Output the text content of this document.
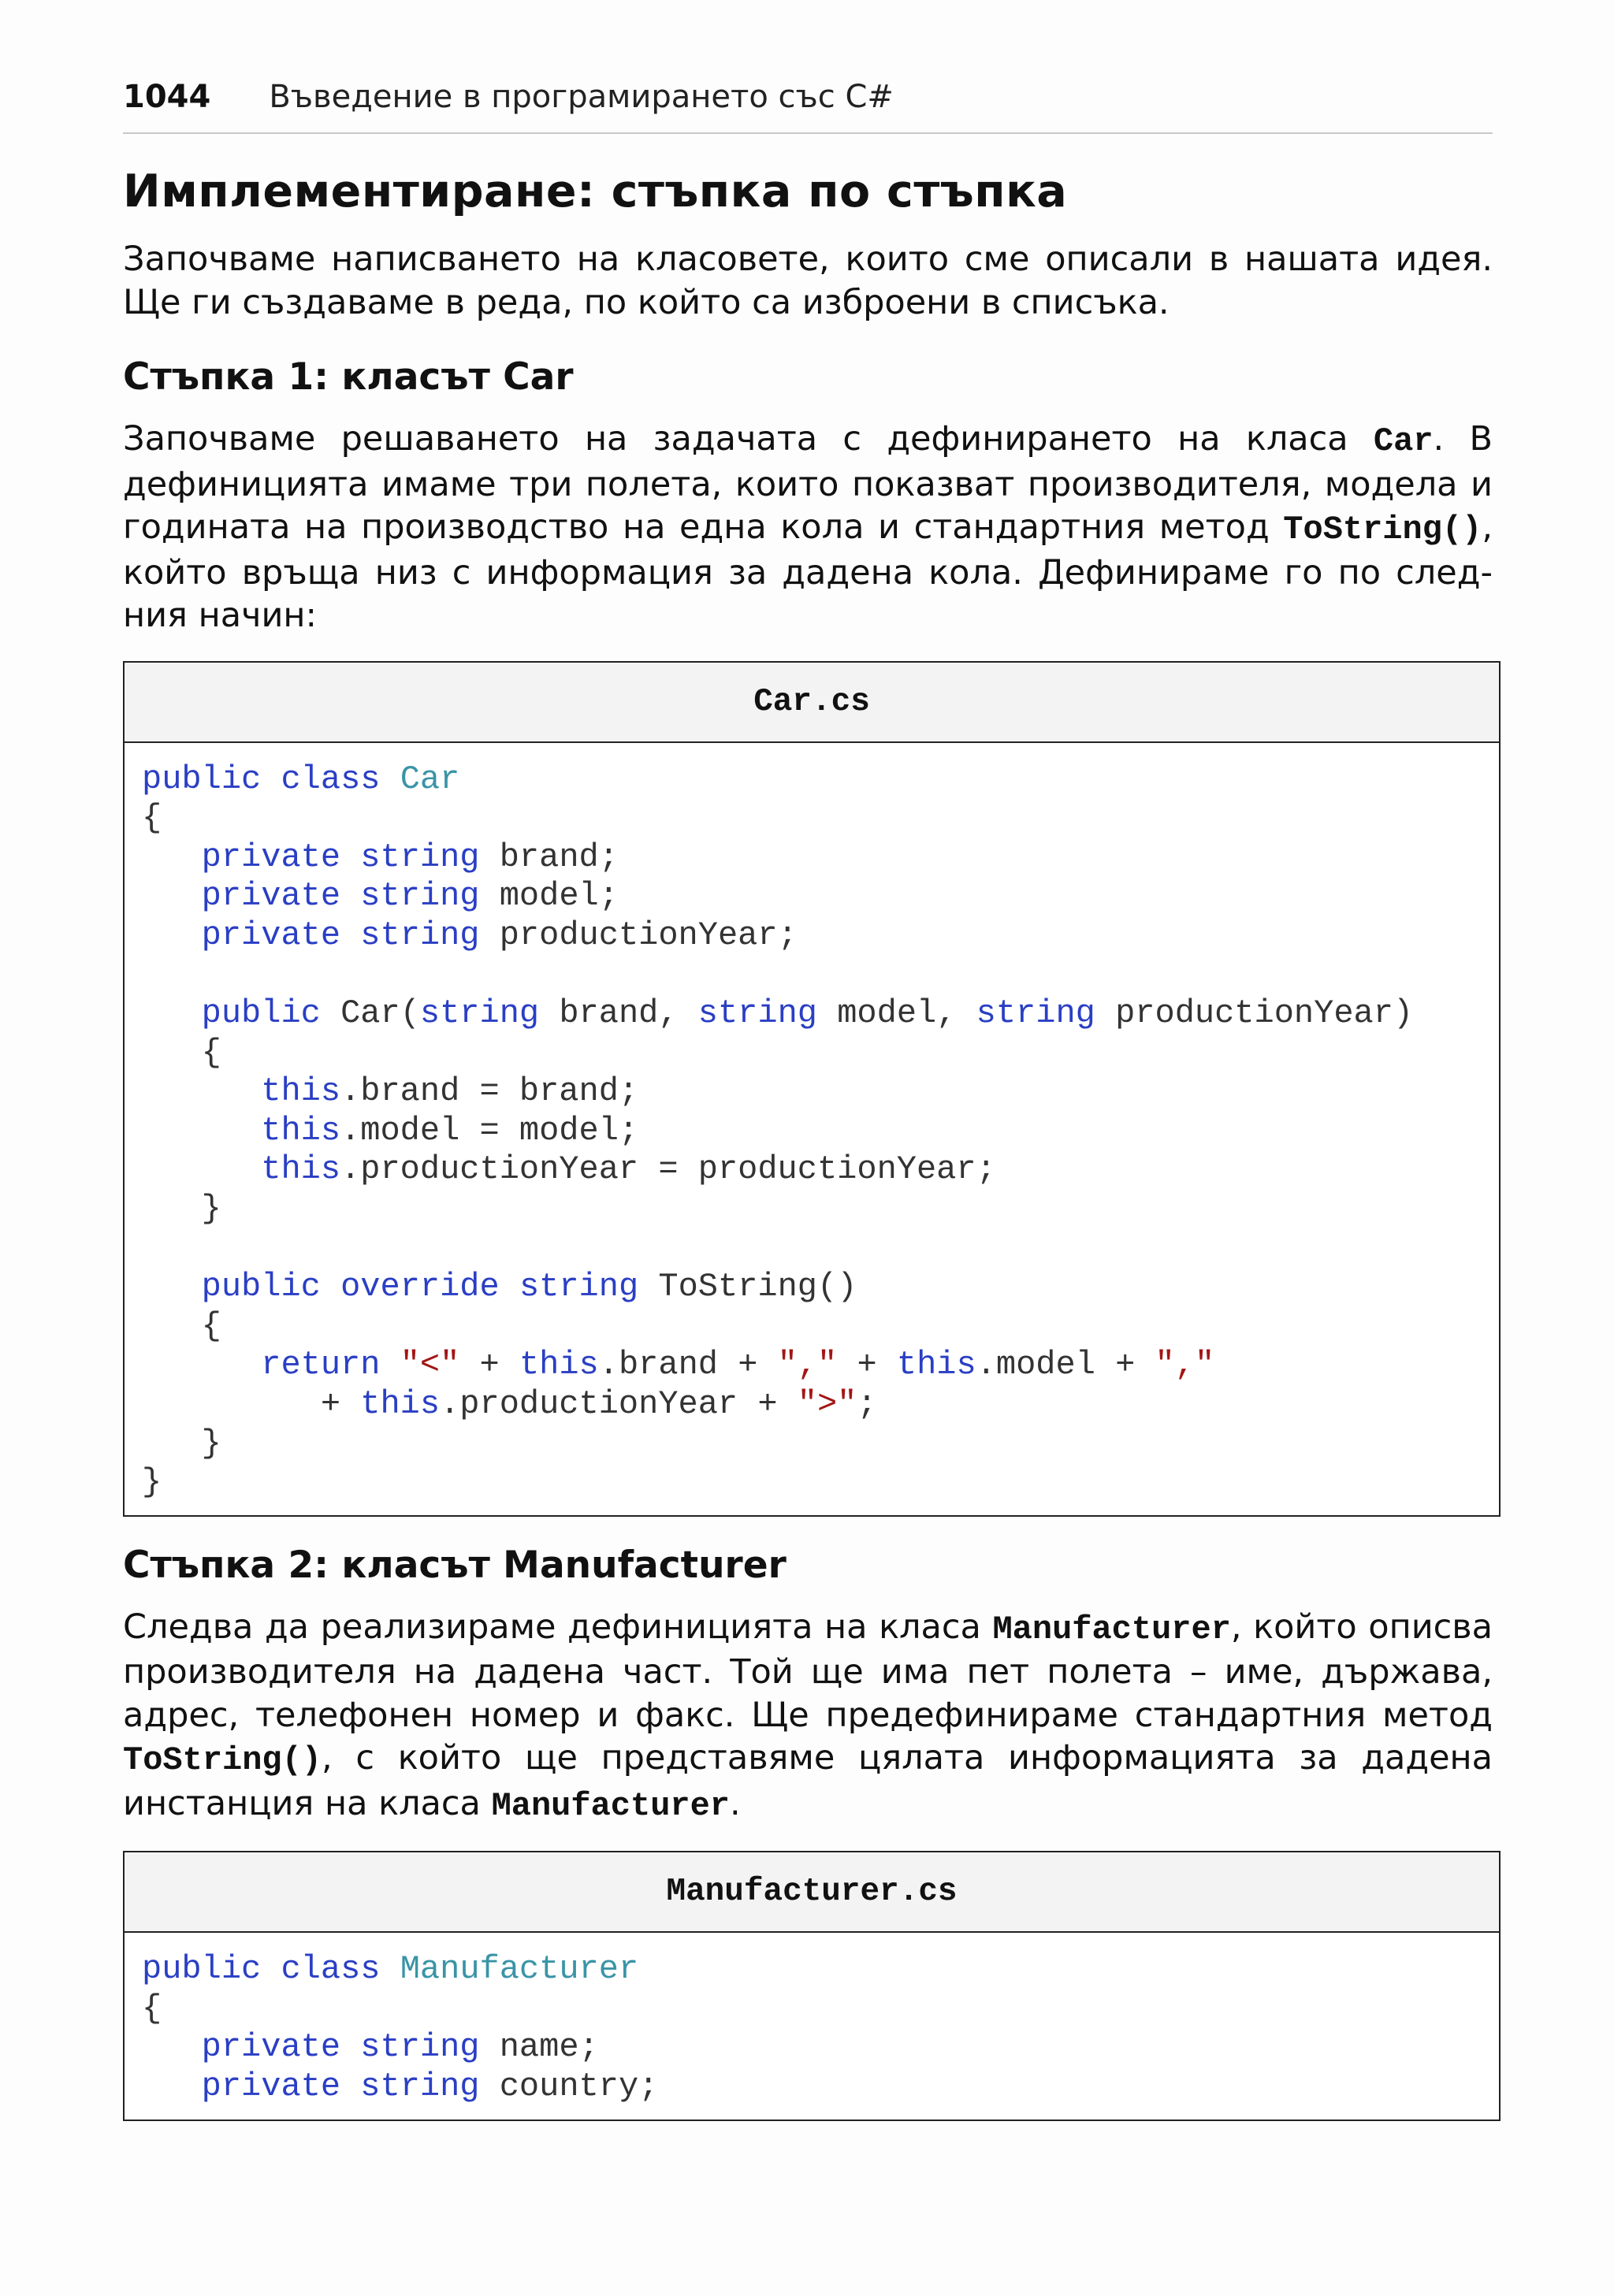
1044 Въведение в програмирането със C#
Имплементиране: стъпка по стъпка

Започваме написването на класовете, които сме описали в нашата идея. Ще ги създаваме в реда, по който са изброени в списъка.

Стъпка 1: класът Car

Започваме решаването на задачата с дефинирането на класа Car. В дефиницията имаме три полета, които показват производителя, модела и годината на производство на една кола и стандартния метод ToString(), който връща низ с информация за дадена кола. Дефинираме го по следния начин:

Car.cs
public class Car
{
private string brand;
private string model;
private string productionYear;
public Car(string brand, string model, string productionYear)
{
this.brand = brand;
this.model = model;
this.productionYear = productionYear;
}
public override string ToString()
{
return "<" + this.brand + "," + this.model + ","
+ this.productionYear + ">";
}
}
Стъпка 2: класът Manufacturer

Следва да реализираме дефиницията на класа Manufacturer, който описва производителя на дадена част. Той ще има пет полета – име, държава, адрес, телефонен номер и факс. Ще предефинираме стандартния метод ToString(), с който ще представяме цялата информацията за дадена инстанция на класа Manufacturer.

Manufacturer.cs
public class Manufacturer
{
private string name;
private string country;
